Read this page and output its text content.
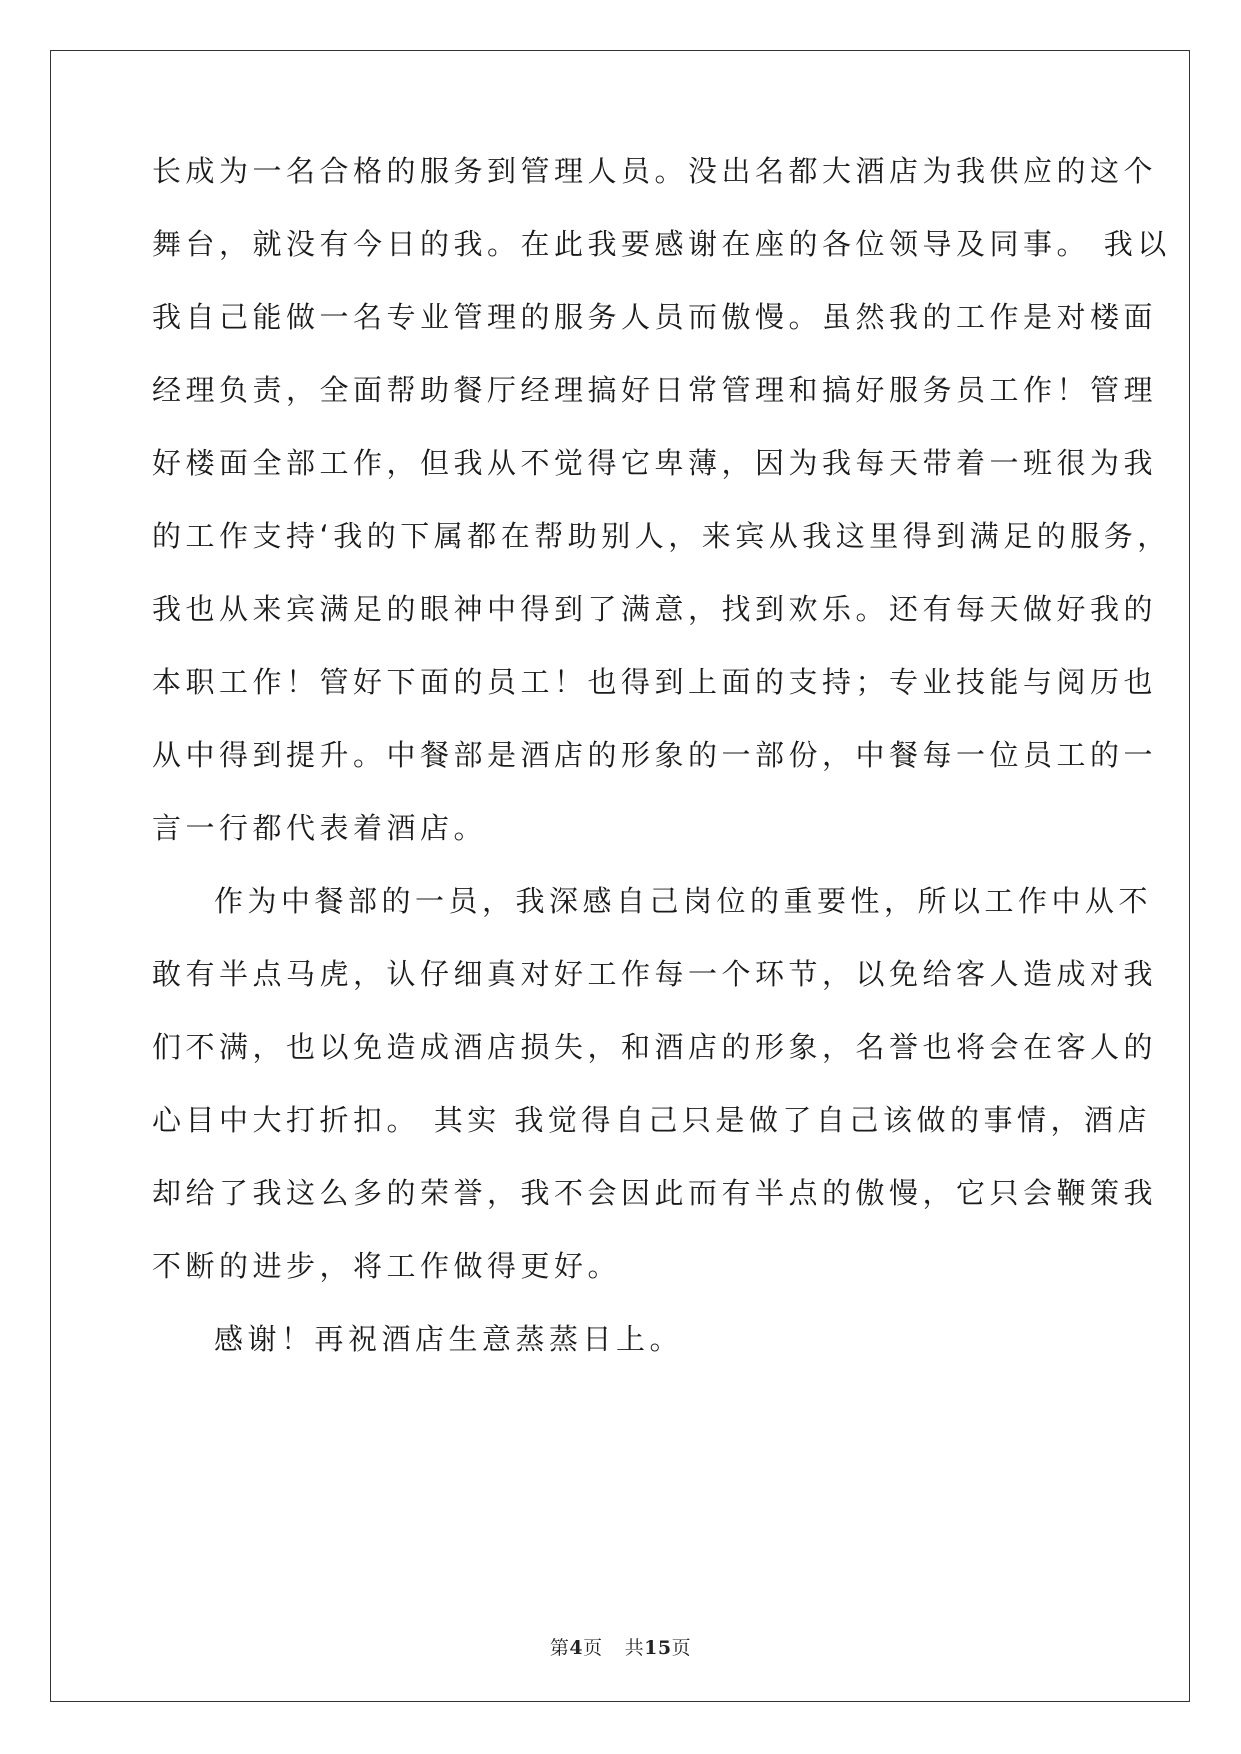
长成为一名合格的服务到管理人员。没出名都大酒店为我供应的这个

舞台，就没有今日的我。在此我要感谢在座的各位领导及同事。 我以

我自己能做一名专业管理的服务人员而傲慢。虽然我的工作是对楼面

经理负责，全面帮助餐厅经理搞好日常管理和搞好服务员工作！管理

好楼面全部工作，但我从不觉得它卑薄，因为我每天带着一班很为我

的工作支持‘我的下属都在帮助别人，来宾从我这里得到满足的服务，

我也从来宾满足的眼神中得到了满意，找到欢乐。还有每天做好我的

本职工作！管好下面的员工！也得到上面的支持；专业技能与阅历也

从中得到提升。中餐部是酒店的形象的一部份，中餐每一位员工的一

言一行都代表着酒店。

作为中餐部的一员，我深感自己岗位的重要性，所以工作中从不

敢有半点马虎，认仔细真对好工作每一个环节，以免给客人造成对我

们不满，也以免造成酒店损失，和酒店的形象，名誉也将会在客人的

心目中大打折扣。 其实 我觉得自己只是做了自己该做的事情，酒店

却给了我这么多的荣誉，我不会因此而有半点的傲慢，它只会鞭策我

不断的进步，将工作做得更好。

感谢！再祝酒店生意蒸蒸日上。

第4页 共15页
